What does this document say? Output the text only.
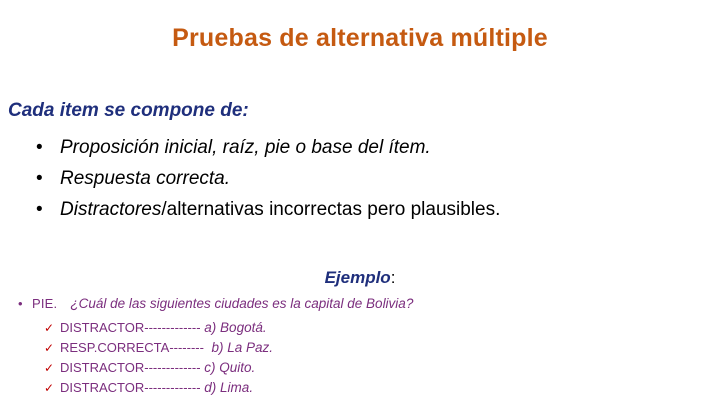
Pruebas de alternativa múltiple
Cada item se compone de:
• Proposición inicial, raíz, pie o base del ítem.
• Respuesta correcta.
• Distractores/alternativas incorrectas pero plausibles.
Ejemplo:
• PIE. ¿Cuál de las siguientes ciudades es la capital de Bolivia?
✓ DISTRACTOR------------- a) Bogotá.
✓ RESP.CORRECTA-------- b) La Paz.
✓ DISTRACTOR------------- c) Quito.
✓ DISTRACTOR------------- d) Lima.
